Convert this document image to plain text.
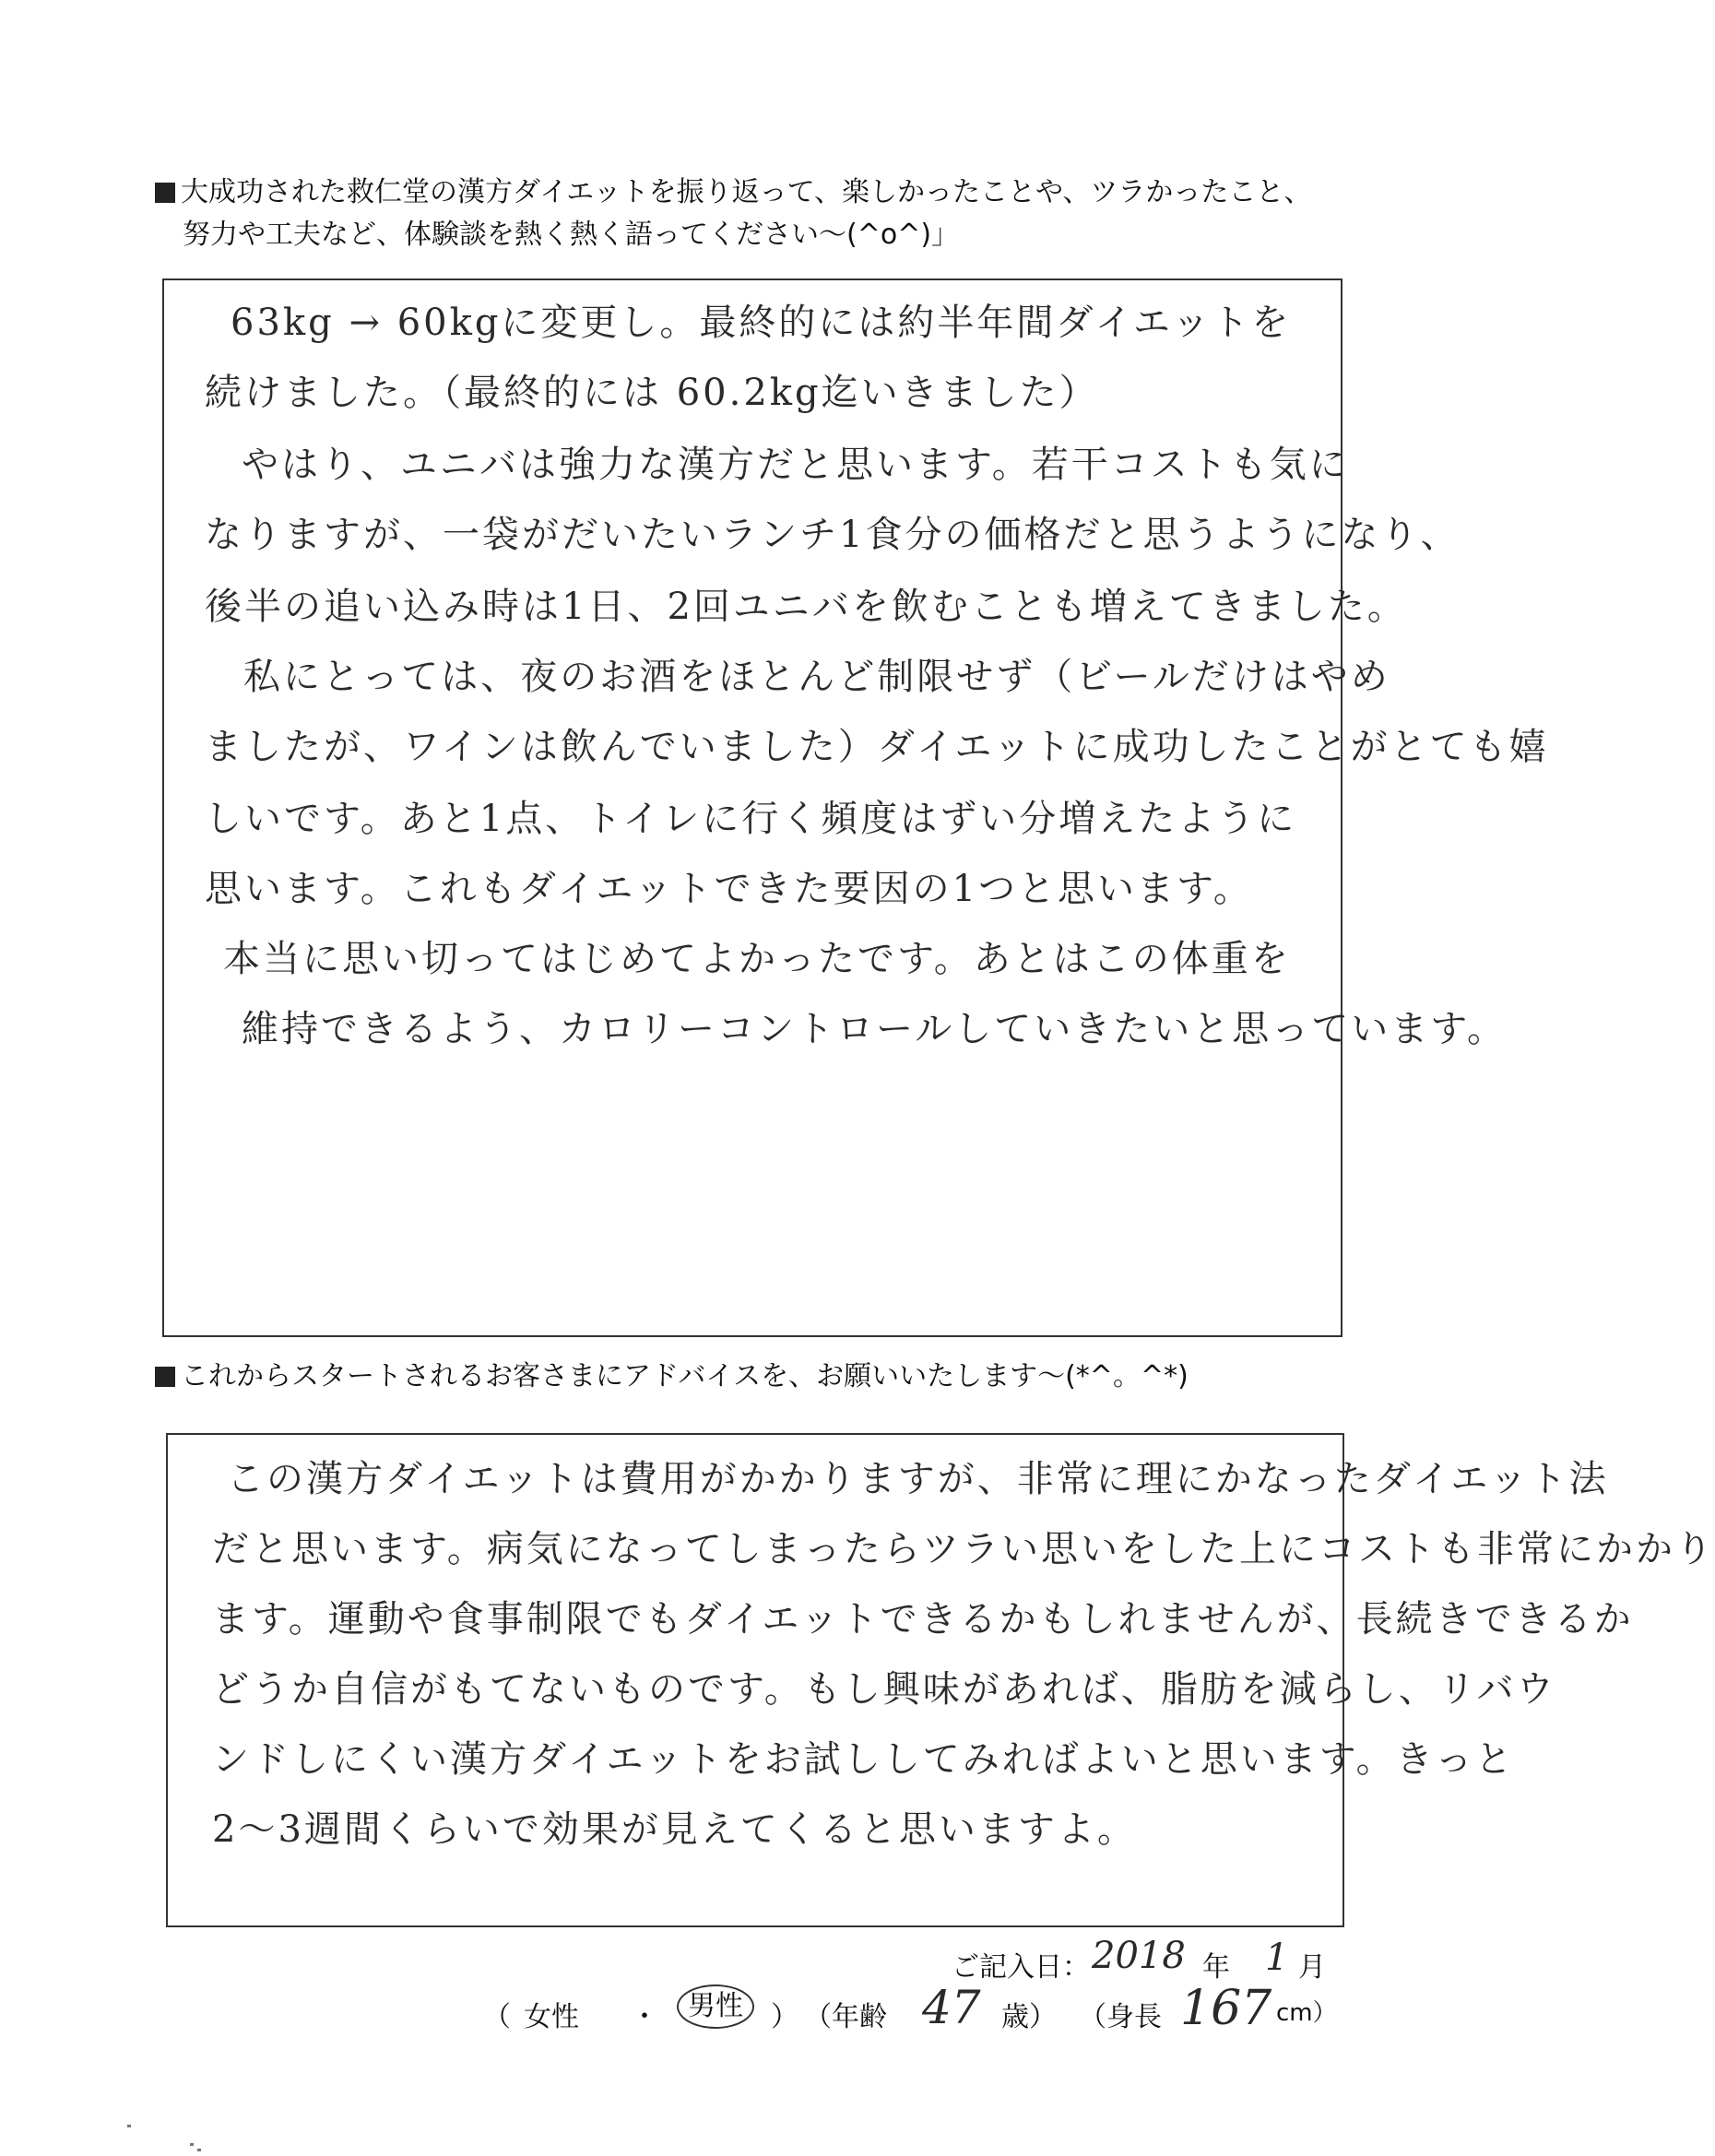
大成功された救仁堂の漢方ダイエットを振り返って、楽しかったことや、ツラかったこと、
努力や工夫など、体験談を熱く熱く語ってください～(^o^)」
63kg → 60kgに変更し。最終的には約半年間ダイエットを
続けました。（最終的には 60.2kg迄いきました）
やはり、ユニバは強力な漢方だと思います。若干コストも気に
なりますが、一袋がだいたいランチ1食分の価格だと思うようになり、
後半の追い込み時は1日、2回ユニバを飲むことも増えてきました。
私にとっては、夜のお酒をほとんど制限せず（ビールだけはやめ
ましたが、ワインは飲んでいました）ダイエットに成功したことがとても嬉
しいです。あと1点、トイレに行く頻度はずい分増えたように
思います。これもダイエットできた要因の1つと思います。
本当に思い切ってはじめてよかったです。あとはこの体重を
維持できるよう、カロリーコントロールしていきたいと思っています。
これからスタートされるお客さまにアドバイスを、お願いいたします～(*^。^*)
この漢方ダイエットは費用がかかりますが、非常に理にかなったダイエット法
だと思います。病気になってしまったらツラい思いをした上にコストも非常にかかり
ます。運動や食事制限でもダイエットできるかもしれませんが、長続きできるか
どうか自信がもてないものです。もし興味があれば、脂肪を減らし、リバウ
ンドしにくい漢方ダイエットをお試ししてみればよいと思います。きっと
2～3週間くらいで効果が見えてくると思いますよ。
ご記入日： 2018 年 1 月
（ 女性 ・	男性	） （年齢 47 歳） （身長 167 cm）
